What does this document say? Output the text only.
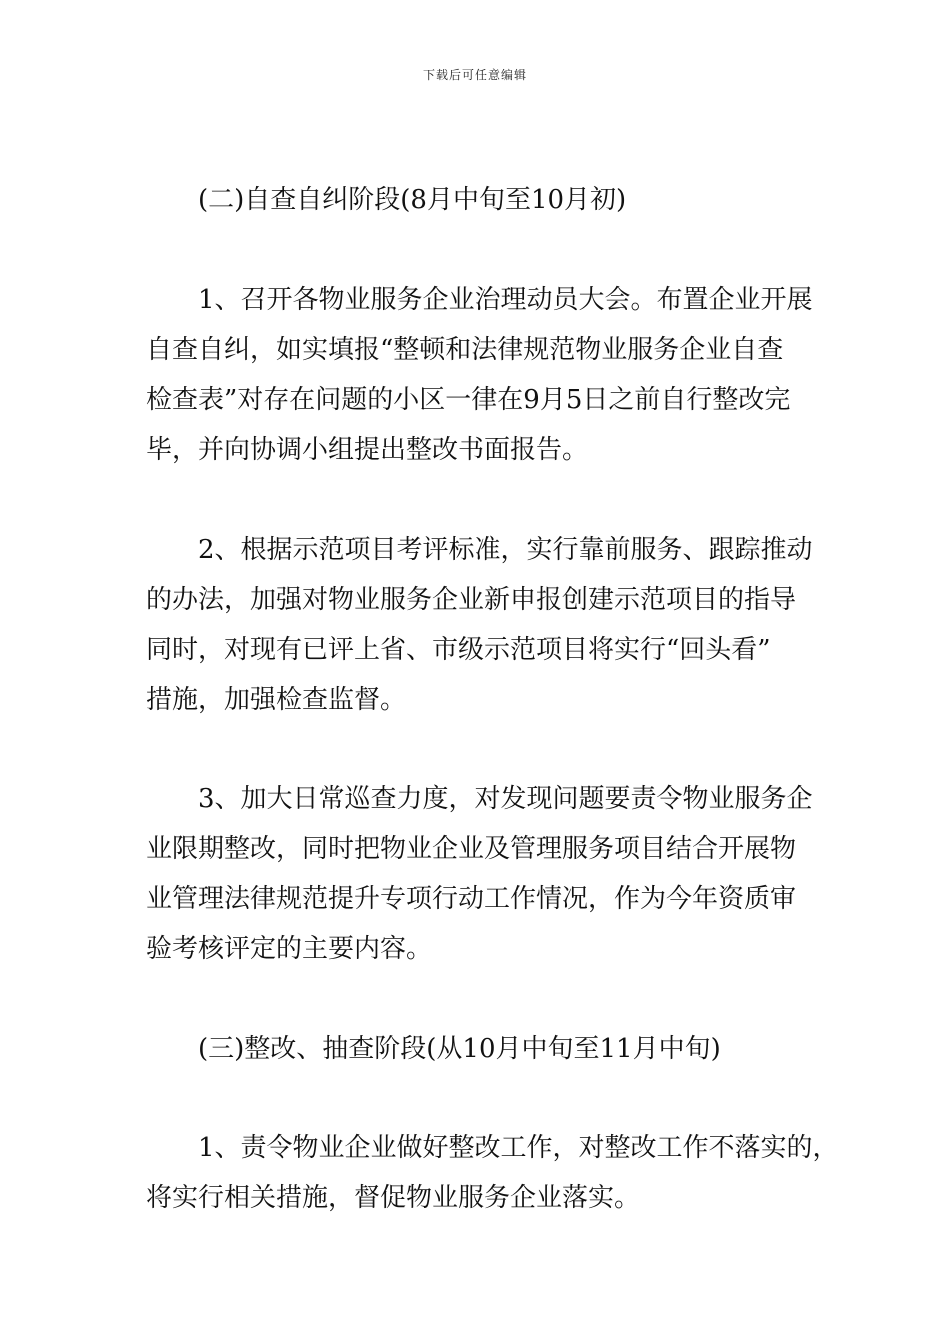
下载后可任意编辑
(二)自查自纠阶段(8月中旬至10月初)
1、召开各物业服务企业治理动员大会。布置企业开展
自查自纠，如实填报“整顿和法律规范物业服务企业自查
检查表”对存在问题的小区一律在9月5日之前自行整改完
毕，并向协调小组提出整改书面报告。
2、根据示范项目考评标准，实行靠前服务、跟踪推动
的办法，加强对物业服务企业新申报创建示范项目的指导
同时，对现有已评上省、市级示范项目将实行“回头看”
措施，加强检查监督。
3、加大日常巡查力度，对发现问题要责令物业服务企
业限期整改，同时把物业企业及管理服务项目结合开展物
业管理法律规范提升专项行动工作情况，作为今年资质审
验考核评定的主要内容。
(三)整改、抽查阶段(从10月中旬至11月中旬)
1、责令物业企业做好整改工作，对整改工作不落实的，
将实行相关措施，督促物业服务企业落实。
